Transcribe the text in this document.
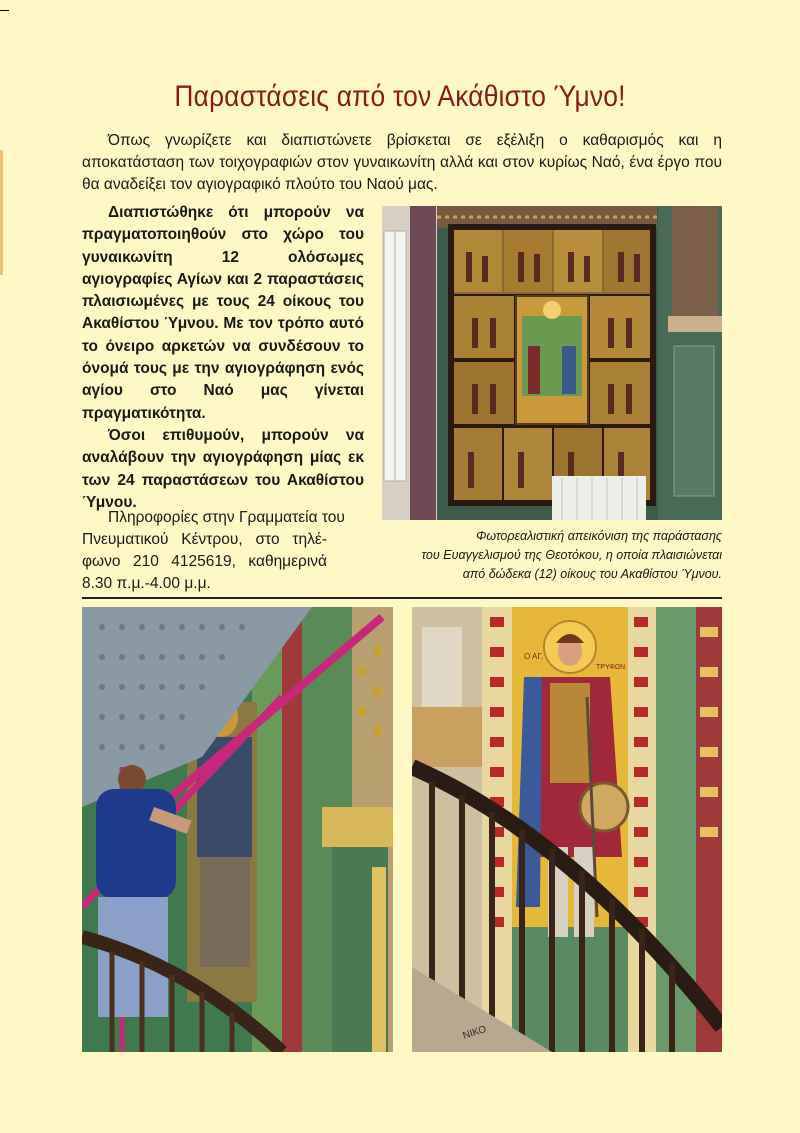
Παραστάσεις από τον Ακάθιστο Ύμνο!

Όπως γνωρίζετε και διαπιστώνετε βρίσκεται σε εξέλιξη ο καθαρισμός και η αποκατάσταση των τοιχογραφιών στον γυναικωνίτη αλλά και στον κυρίως Ναό, ένα έργο που θα αναδείξει τον αγιογραφικό πλούτο του Ναού μας.

Διαπιστώθηκε ότι μπορούν να πραγματοποιηθούν στο χώρο του γυναικωνίτη 12 ολόσωμες αγιογραφίες Αγίων και 2 παραστάσεις πλαισιωμένες με τους 24 οίκους του Ακαθίστου Ύμνου. Με τον τρόπο αυτό το όνειρο αρκετών να συνδέσουν το όνομά τους με την αγιογράφηση ενός αγίου στο Ναό μας γίνεται πραγματικότητα.

Όσοι επιθυμούν, μπορούν να αναλάβουν την αγιογράφηση μίας εκ των 24 παραστάσεων του Ακαθίστου Ύμνου.

Πληροφορίες στην Γραμματεία του
Πνευματικού Κέντρου, στο τηλέ-
φωνο 210 4125619, καθημερινά
8.30 π.μ.-4.00 μ.μ.
Φωτορεαλιστική απεικόνιση της παράστασης
του Ευαγγελισμού της Θεοτόκου, η οποία πλαισιώνεται
από δώδεκα (12) οίκους του Ακαθίστου Ύμνου.
Ο ΑΓ.
ΤΡΥΦΩΝ
ΝΙΚΟ
